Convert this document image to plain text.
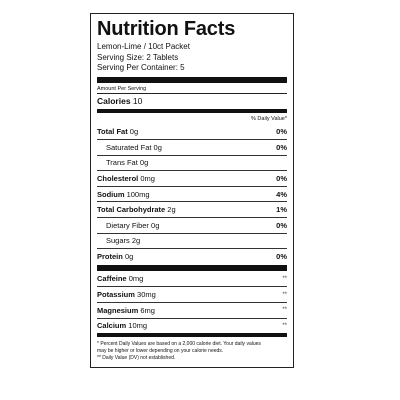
Nutrition Facts
Lemon-Lime / 10ct Packet
Serving Size: 2 Tablets
Serving Per Container: 5
Amount Per Serving
Calories 10
% Daily Value*
Total Fat 0g	0%
Saturated Fat 0g	0%
Trans Fat 0g
Cholesterol 0mg	0%
Sodium 100mg	4%
Total Carbohydrate 2g	1%
Dietary Fiber 0g	0%
Sugars 2g
Protein 0g	0%
Caffeine 0mg	**
Potassium 30mg	**
Magnesium 6mg	**
Calcium 10mg	**
* Percent Daily Values are based on a 2,000 calorie diet. Your daily values
may be higher or lower depending on your calorie needs.
** Daily Value (DV) not established.
